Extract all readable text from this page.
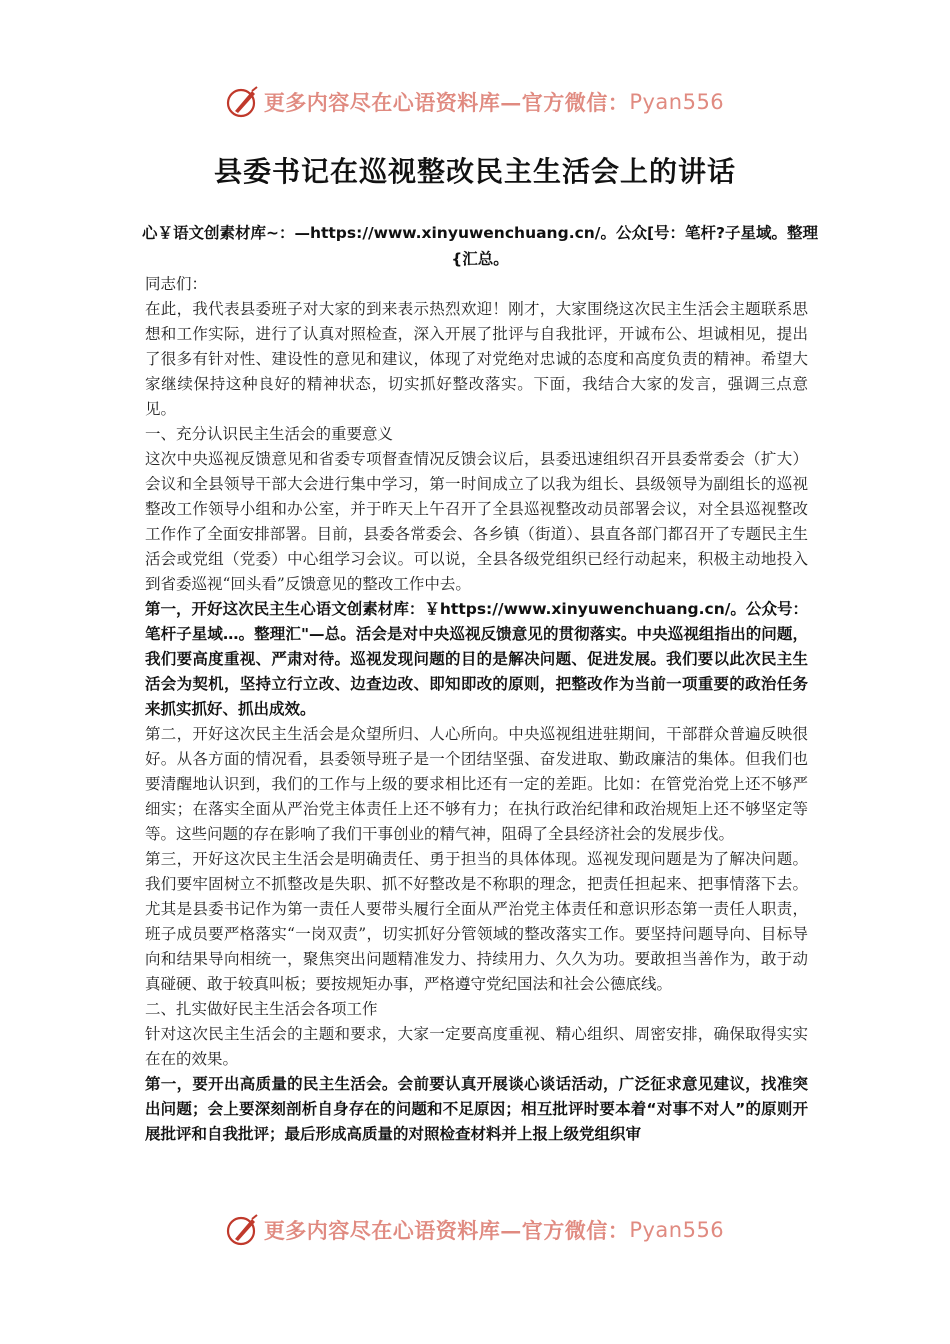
更多内容尽在心语资料库—官方微信： Pyan556
县委书记在巡视整改民主生活会上的讲话
心￥语文创素材库~：—https://www.xinyuwenchuang.cn/。公众[号：笔杆?子星域。整理{汇总。

同志们：

在此，我代表县委班子对大家的到来表示热烈欢迎！刚才，大家围绕这次民主生活会主题联系思想和工作实际，进行了认真对照检查，深入开展了批评与自我批评，开诚布公、坦诚相见，提出了很多有针对性、建设性的意见和建议，体现了对党绝对忠诚的态度和高度负责的精神。希望大家继续保持这种良好的精神状态，切实抓好整改落实。下面，我结合大家的发言，强调三点意见。

一、充分认识民主生活会的重要意义

这次中央巡视反馈意见和省委专项督查情况反馈会议后，县委迅速组织召开县委常委会（扩大）会议和全县领导干部大会进行集中学习，第一时间成立了以我为组长、县级领导为副组长的巡视整改工作领导小组和办公室，并于昨天上午召开了全县巡视整改动员部署会议，对全县巡视整改工作作了全面安排部署。目前，县委各常委会、各乡镇（街道）、县直各部门都召开了专题民主生活会或党组（党委）中心组学习会议。可以说，全县各级党组织已经行动起来，积极主动地投入到省委巡视“回头看”反馈意见的整改工作中去。

第一，开好这次民主生心语文创素材库：￥https://www.xinyuwenchuang.cn/。公众号：笔杆子星域…。整理汇"—总。活会是对中央巡视反馈意见的贯彻落实。中央巡视组指出的问题，我们要高度重视、严肃对待。巡视发现问题的目的是解决问题、促进发展。我们要以此次民主生活会为契机，坚持立行立改、边查边改、即知即改的原则，把整改作为当前一项重要的政治任务来抓实抓好、抓出成效。

第二，开好这次民主生活会是众望所归、人心所向。中央巡视组进驻期间，干部群众普遍反映很好。从各方面的情况看，县委领导班子是一个团结坚强、奋发进取、勤政廉洁的集体。但我们也要清醒地认识到，我们的工作与上级的要求相比还有一定的差距。比如：在管党治党上还不够严细实；在落实全面从严治党主体责任上还不够有力；在执行政治纪律和政治规矩上还不够坚定等等。这些问题的存在影响了我们干事创业的精气神，阻碍了全县经济社会的发展步伐。

第三，开好这次民主生活会是明确责任、勇于担当的具体体现。巡视发现问题是为了解决问题。我们要牢固树立不抓整改是失职、抓不好整改是不称职的理念，把责任担起来、把事情落下去。尤其是县委书记作为第一责任人要带头履行全面从严治党主体责任和意识形态第一责任人职责，班子成员要严格落实“一岗双责”，切实抓好分管领域的整改落实工作。要坚持问题导向、目标导向和结果导向相统一，聚焦突出问题精准发力、持续用力、久久为功。要敢担当善作为，敢于动真碰硬、敢于较真叫板；要按规矩办事，严格遵守党纪国法和社会公德底线。

二、扎实做好民主生活会各项工作

针对这次民主生活会的主题和要求，大家一定要高度重视、精心组织、周密安排，确保取得实实在在的效果。

第一，要开出高质量的民主生活会。会前要认真开展谈心谈话活动，广泛征求意见建议，找准突出问题；会上要深刻剖析自身存在的问题和不足原因；相互批评时要本着“对事不对人”的原则开展批评和自我批评；最后形成高质量的对照检查材料并上报上级党组织审

更多内容尽在心语资料库—官方微信： Pyan556
